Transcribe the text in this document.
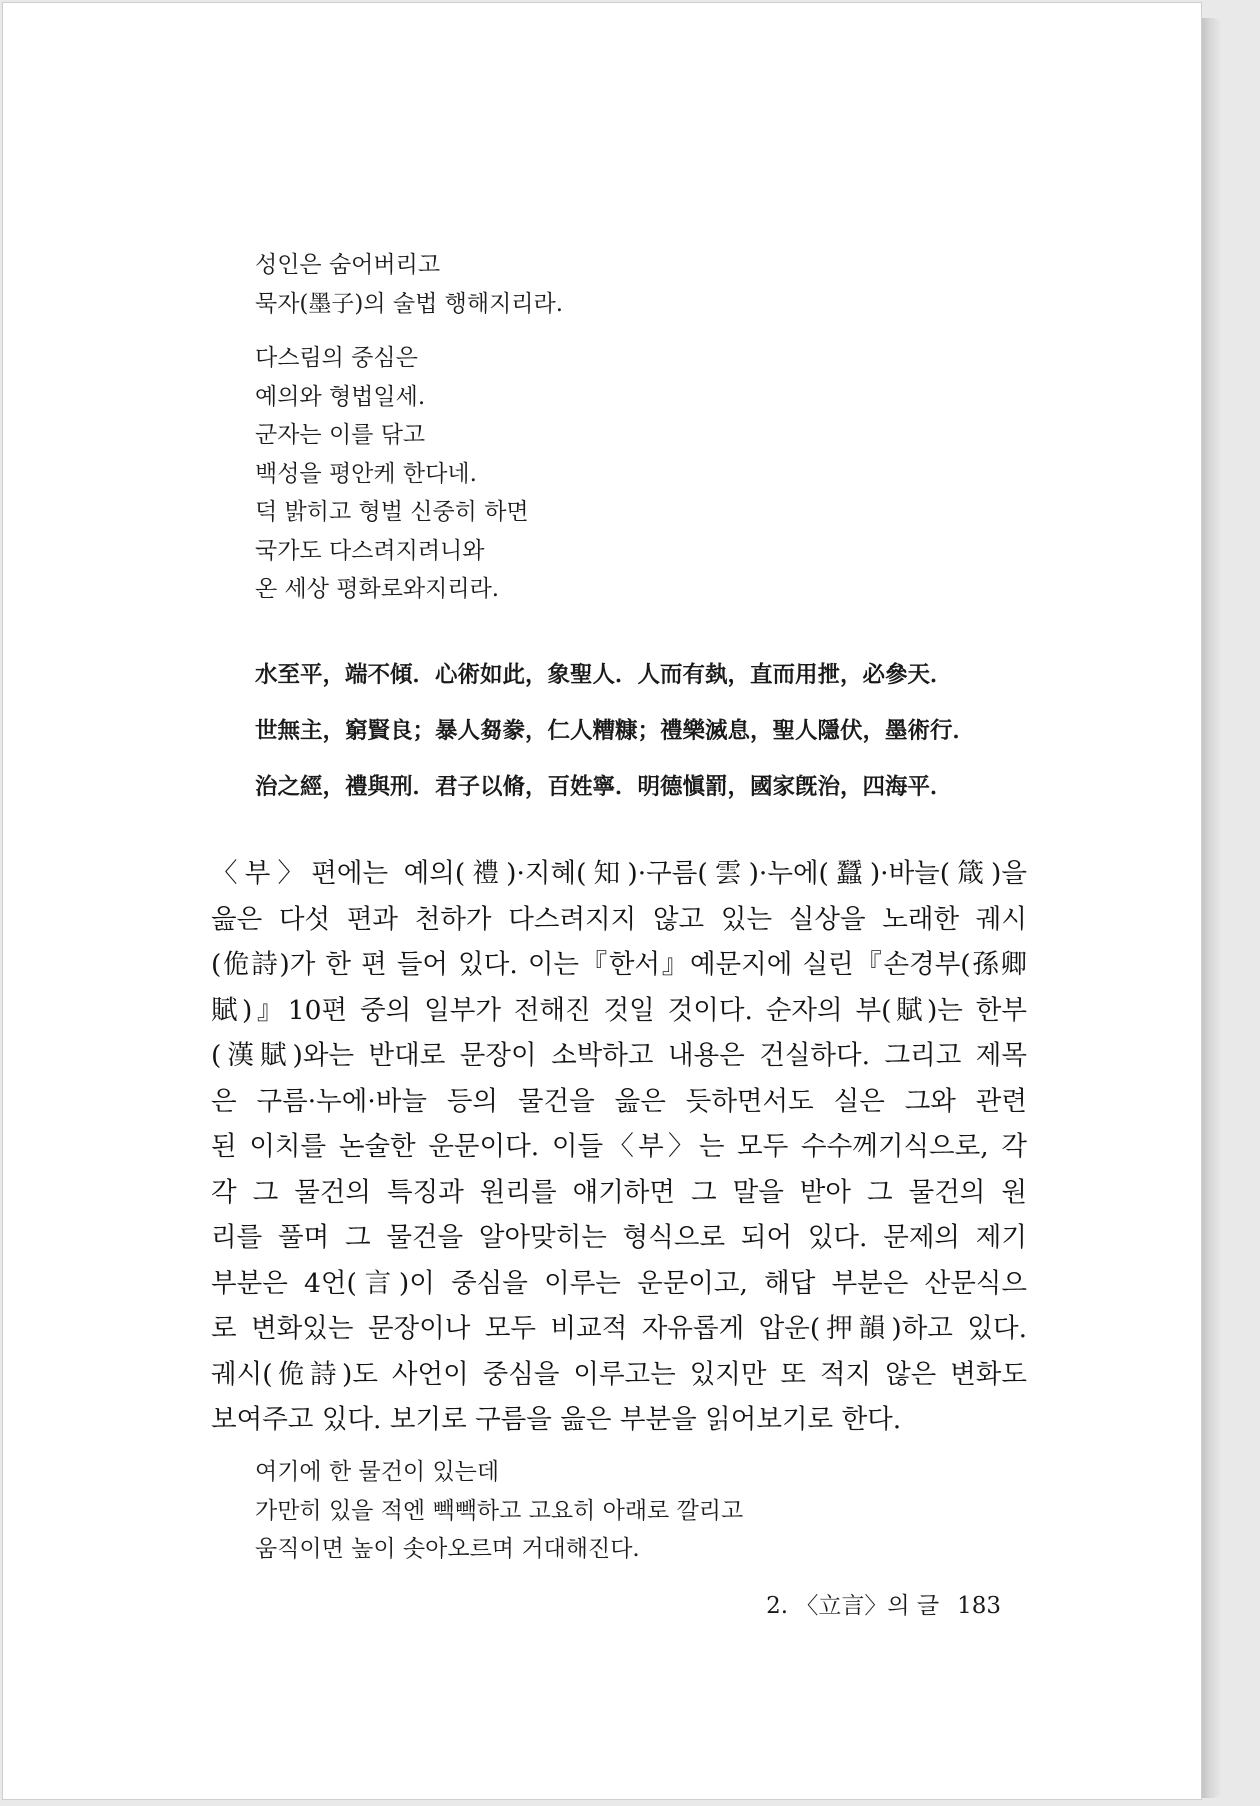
성인은 숨어버리고
묵자(墨子)의 술법 행해지리라.
다스림의 중심은
예의와 형법일세.
군자는 이를 닦고
백성을 평안케 한다네.
덕 밝히고 형벌 신중히 하면
국가도 다스려지려니와
온 세상 평화로와지리라.
水至平，端不傾．心術如此，象聖人．人而有埶，直而用抴，必參天．
世無主，窮賢良；暴人芻豢，仁人糟糠；禮樂滅息，聖人隱伏，墨術行．
治之經，禮與刑．君子以脩，百姓寧．明德愼罰，國家旣治，四海平．
〈부〉편에는 예의(禮)·지혜(知)·구름(雲)·누에(蠶)·바늘(箴)을
읊은 다섯 편과 천하가 다스려지지 않고 있는 실상을 노래한 궤시
(佹詩)가 한 편 들어 있다. 이는『한서』예문지에 실린『손경부(孫卿
賦)』10편 중의 일부가 전해진 것일 것이다. 순자의 부(賦)는 한부
(漢賦)와는 반대로 문장이 소박하고 내용은 건실하다. 그리고 제목
은 구름·누에·바늘 등의 물건을 읊은 듯하면서도 실은 그와 관련
된 이치를 논술한 운문이다. 이들〈부〉는 모두 수수께기식으로, 각
각 그 물건의 특징과 원리를 얘기하면 그 말을 받아 그 물건의 원
리를 풀며 그 물건을 알아맞히는 형식으로 되어 있다. 문제의 제기
부분은 4언(言)이 중심을 이루는 운문이고, 해답 부분은 산문식으
로 변화있는 문장이나 모두 비교적 자유롭게 압운(押韻)하고 있다.
궤시(佹詩)도 사언이 중심을 이루고는 있지만 또 적지 않은 변화도
보여주고 있다. 보기로 구름을 읊은 부분을 읽어보기로 한다.
여기에 한 물건이 있는데
가만히 있을 적엔 빽빽하고 고요히 아래로 깔리고
움직이면 높이 솟아오르며 거대해진다.
2. 〈立言〉의 글 183
